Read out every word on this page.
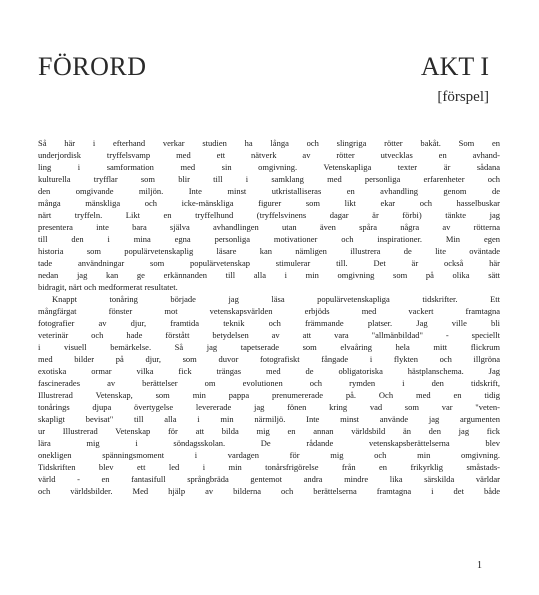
FÖRORD	AKT I
[förspel]

Så här i efterhand verkar studien ha långa och slingriga rötter bakåt. Som en
underjordisk tryffelsvamp med ett nätverk av rötter utvecklas en avhand-
ling i samformation med sin omgivning. Vetenskapliga texter är sådana
kulturella tryfflar som blir till i samklang med personliga erfarenheter och
den omgivande miljön. Inte minst utkristalliseras en avhandling genom de
många mänskliga och icke-mänskliga figurer som likt ekar och hasselbuskar
närt tryffeln. Likt en tryffelhund (tryffelsvinens dagar är förbi) tänkte jag
presentera inte bara själva avhandlingen utan även spåra några av rötterna
till den i mina egna personliga motivationer och inspirationer. Min egen
historia som populärvetenskaplig läsare kan nämligen illustrera de lite oväntade
tade användningar som populärvetenskap stimulerar till. Det är också här
nedan jag kan ge erkännanden till alla i min omgivning som på olika sätt
bidragit, närt och medformerat resultatet.

Knappt tonåring började jag läsa populärvetenskapliga tidskrifter. Ett
mångfärgat fönster mot vetenskapsvärlden erbjöds med vackert framtagna
fotografier av djur, framtida teknik och främmande platser. Jag ville bli
veterinär och hade förstått betydelsen av att vara "allmänbildad" - speciellt
i visuell bemärkelse. Så jag tapetserade som elvaåring hela mitt flickrum
med bilder på djur, som duvor fotografiskt fångade i flykten och illgröna
exotiska ormar vilka fick trängas med de obligatoriska hästplanschema. Jag
fascinerades av berättelser om evolutionen och rymden i den tidskrift,
Illustrerad Vetenskap, som min pappa prenumererade på. Och med en tidig
tonårings djupa övertygelse levererade jag fönen kring vad som var "veten-
skapligt bevisat" till alla i min närmiljö. Inte minst använde jag argumenten
ur Illustrerad Vetenskap för att bilda mig en annan världsbild än den jag fick
lära mig i söndagsskolan. De rådande vetenskapsberättelserna blev
onekligen spänningsmoment i vardagen för mig och min omgivning.
Tidskriften blev ett led i min tonårsfrigörelse från en frikyrklig småstads-
värld - en fantasifull språngbräda gentemot andra mindre lika särskilda världar
och världsbilder. Med hjälp av bilderna och berättelserna framtagna i det både

1
